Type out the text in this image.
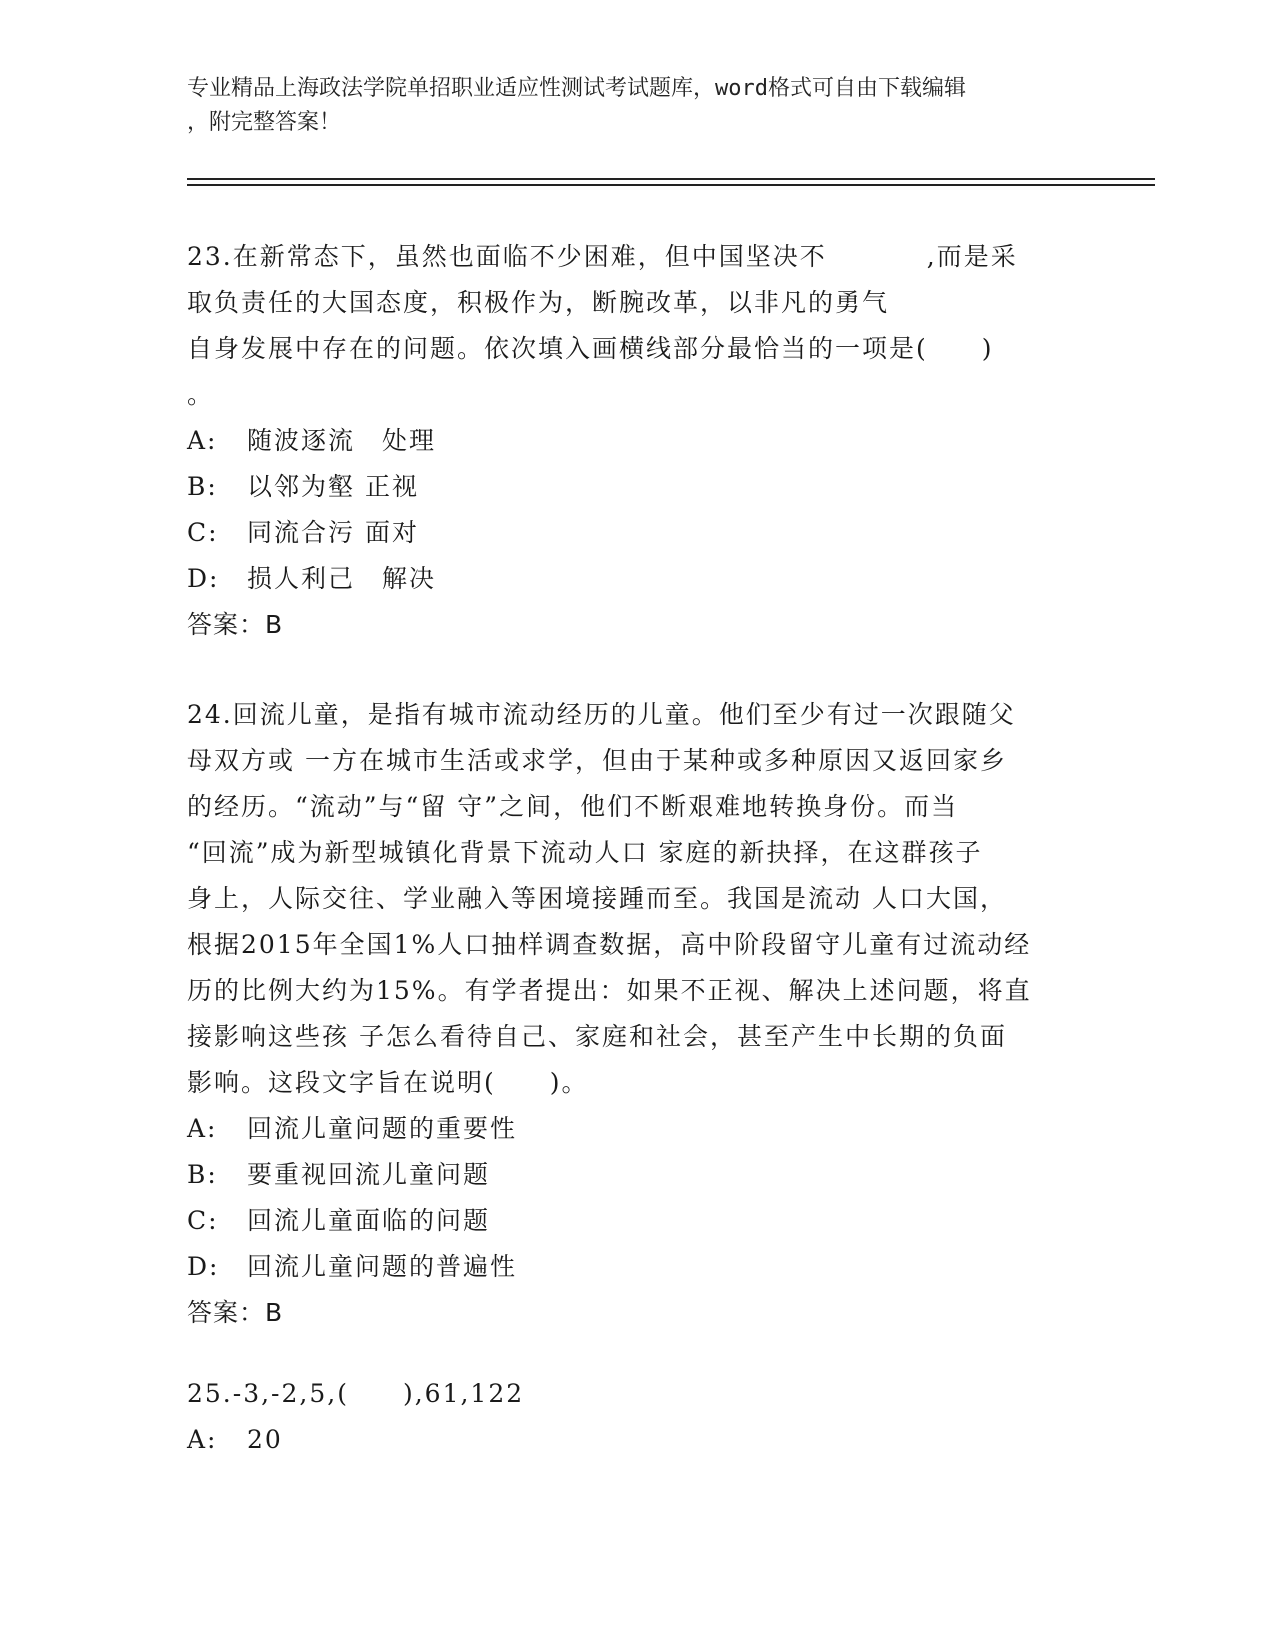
专业精品上海政法学院单招职业适应性测试考试题库，word格式可自由下载编辑
，附完整答案！
23.在新常态下，虽然也面临不少困难，但中国坚决不	,而是采
取负责任的大国态度，积极作为，断腕改革，以非凡的勇气
自身发展中存在的问题。依次填入画横线部分最恰当的一项是(　　)
。
A: 随波逐流　处理
B: 以邻为壑 正视
C: 同流合污 面对
D: 损人利己　解决
答案：B
24.回流儿童，是指有城市流动经历的儿童。他们至少有过一次跟随父
母双方或 一方在城市生活或求学，但由于某种或多种原因又返回家乡
的经历。“流动”与“留 守”之间，他们不断艰难地转换身份。而当
“回流”成为新型城镇化背景下流动人口 家庭的新抉择，在这群孩子
身上，人际交往、学业融入等困境接踵而至。我国是流动 人口大国，
根据2015年全国1%人口抽样调查数据，高中阶段留守儿童有过流动经
历的比例大约为15%。有学者提出：如果不正视、解决上述问题，将直
接影响这些孩 子怎么看待自己、家庭和社会，甚至产生中长期的负面
影响。这段文字旨在说明(　　)。
A: 回流儿童问题的重要性
B: 要重视回流儿童问题
C: 回流儿童面临的问题
D: 回流儿童问题的普遍性
答案：B
25.-3,-2,5,(　　),61,122
A: 20
